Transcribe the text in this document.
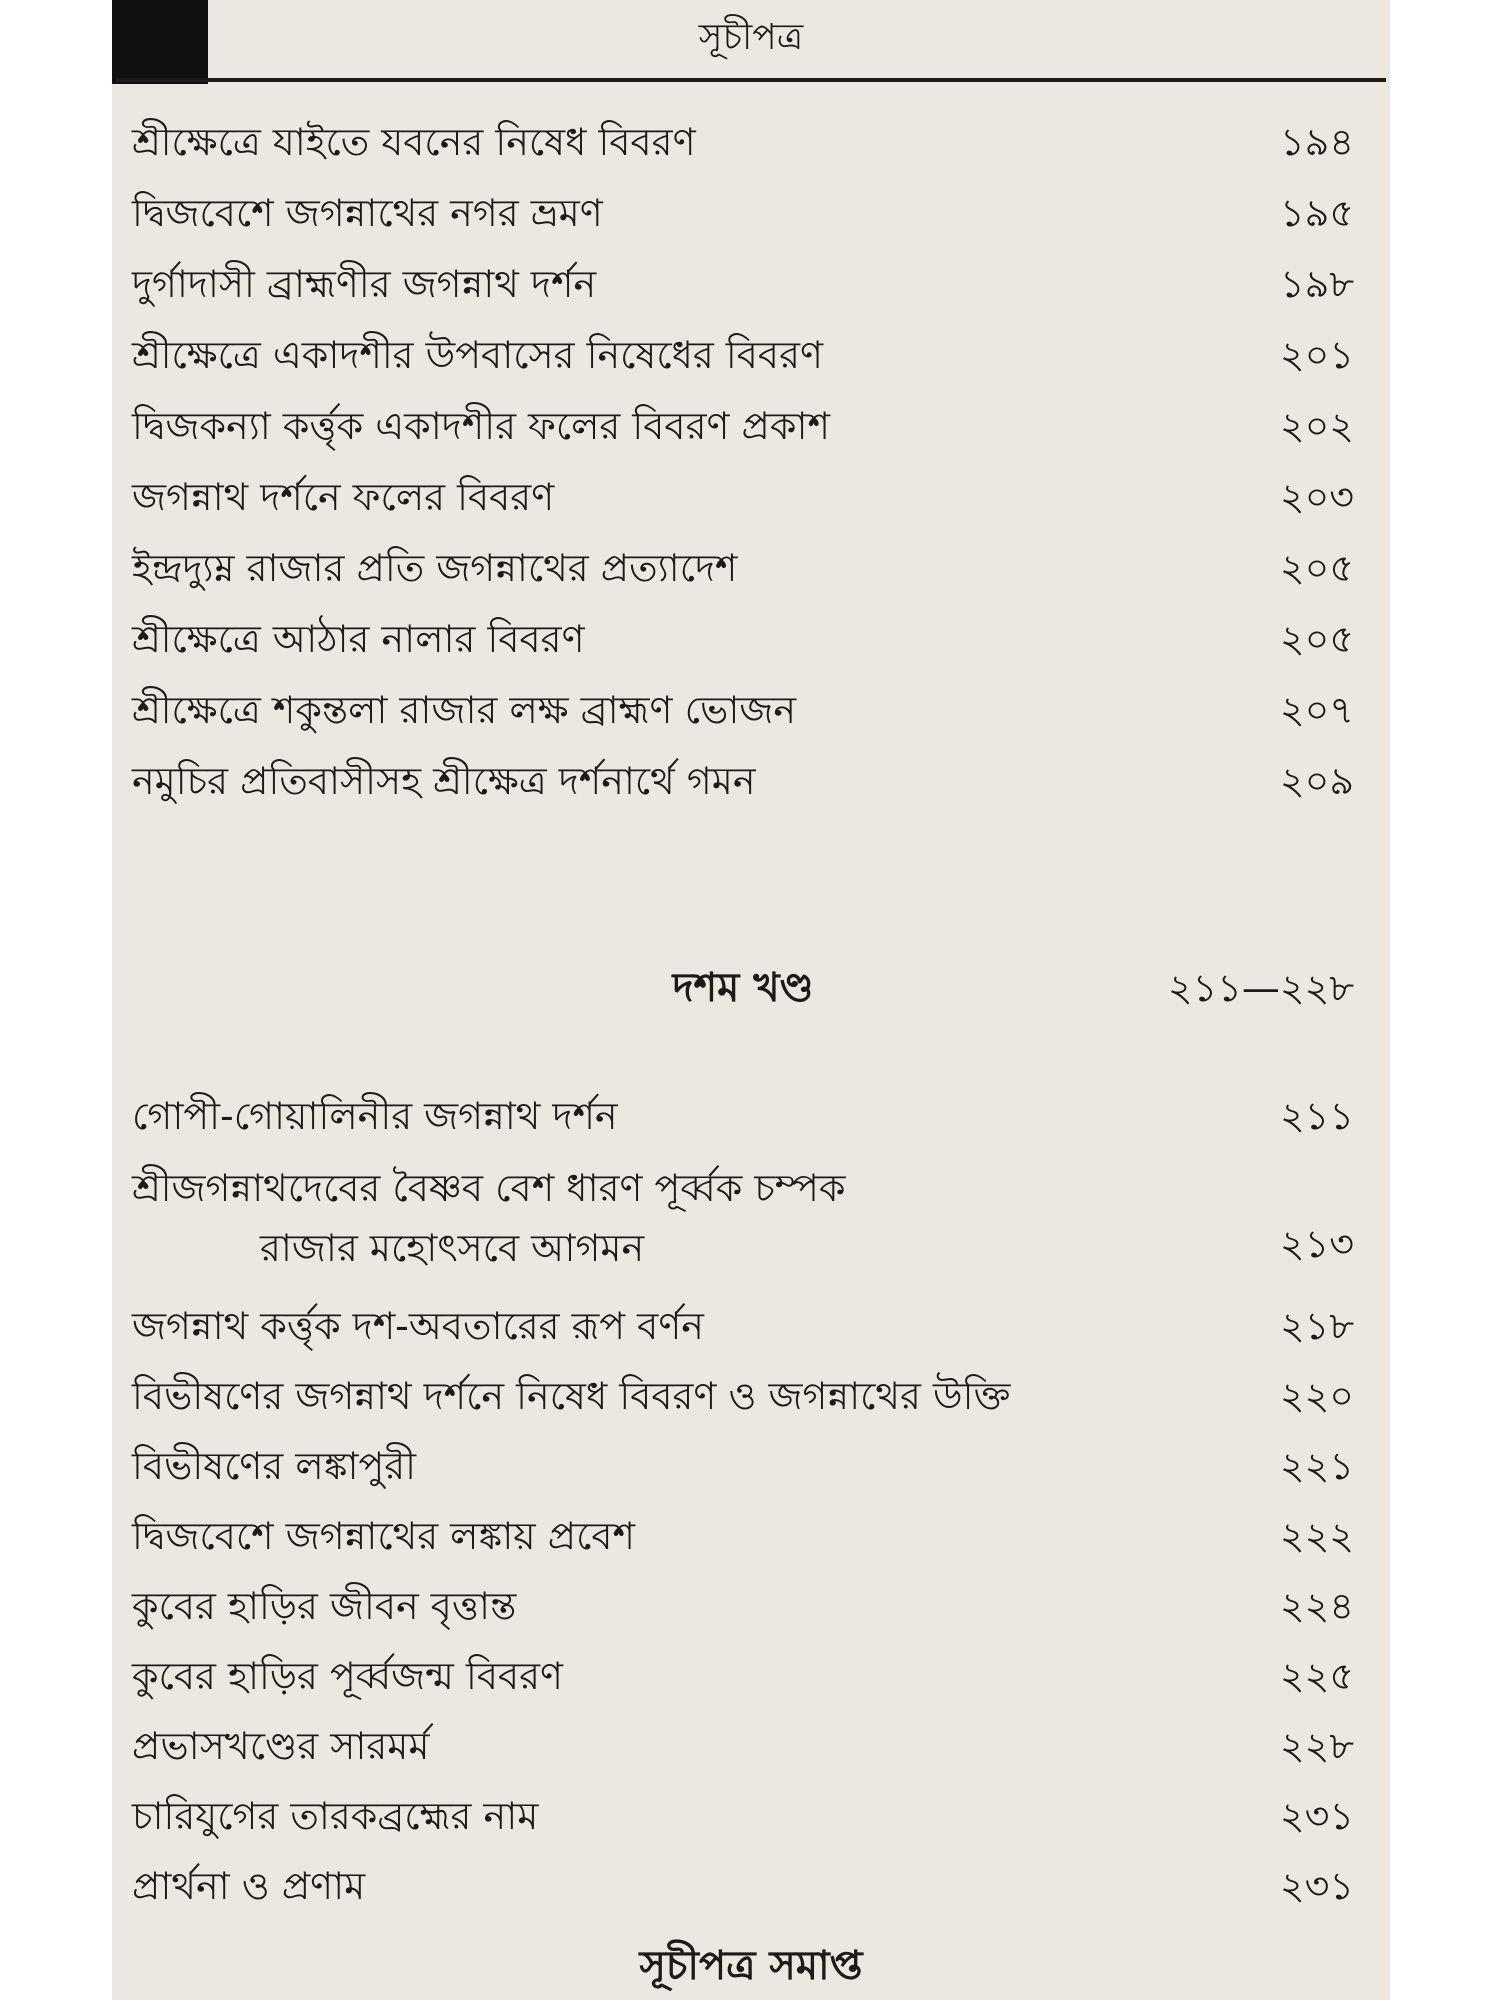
সূচীপত্র
শ্রীক্ষেত্রে যাইতে যবনের নিষেধ বিবরণ	১৯৪
দ্বিজবেশে জগন্নাথের নগর ভ্রমণ	১৯৫
দুর্গাদাসী ব্রাহ্মণীর জগন্নাথ দর্শন	১৯৮
শ্রীক্ষেত্রে একাদশীর উপবাসের নিষেধের বিবরণ	২০১
দ্বিজকন্যা কর্ত্তৃক একাদশীর ফলের বিবরণ প্রকাশ	২০২
জগন্নাথ দর্শনে ফলের বিবরণ	২০৩
ইন্দ্রদ্যুম্ন রাজার প্রতি জগন্নাথের প্রত্যাদেশ	২০৫
শ্রীক্ষেত্রে আঠার নালার বিবরণ	২০৫
শ্রীক্ষেত্রে শকুন্তলা রাজার লক্ষ ব্রাহ্মণ ভোজন	২০৭
নমুচির প্রতিবাসীসহ শ্রীক্ষেত্র দর্শনার্থে গমন	২০৯
দশম খণ্ড	২১১—২২৮
গোপী-গোয়ালিনীর জগন্নাথ দর্শন	২১১
শ্রীজগন্নাথদেবের বৈষ্ণব বেশ ধারণ পূর্ব্বক চম্পক
রাজার মহোৎসবে আগমন	২১৩
জগন্নাথ কর্ত্তৃক দশ-অবতারের রূপ বর্ণন	২১৮
বিভীষণের জগন্নাথ দর্শনে নিষেধ বিবরণ ও জগন্নাথের উক্তি	২২০
বিভীষণের লঙ্কাপুরী	২২১
দ্বিজবেশে জগন্নাথের লঙ্কায় প্রবেশ	২২২
কুবের হাড়ির জীবন বৃত্তান্ত	২২৪
কুবের হাড়ির পূর্ব্বজন্ম বিবরণ	২২৫
প্রভাসখণ্ডের সারমর্ম	২২৮
চারিযুগের তারকব্রহ্মের নাম	২৩১
প্রার্থনা ও প্রণাম	২৩১
সূচীপত্র সমাপ্ত
